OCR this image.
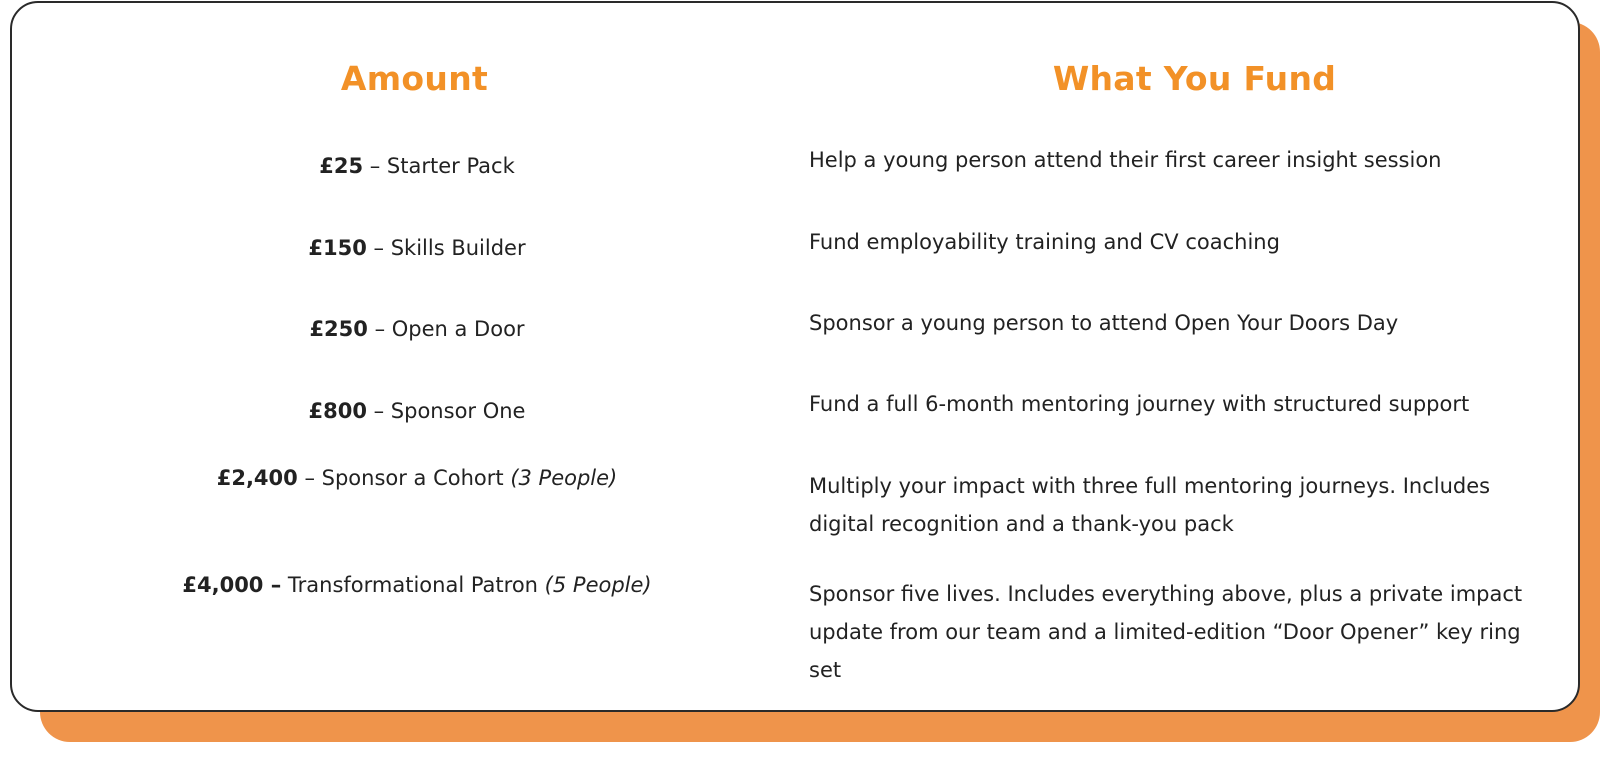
Amount	What You Fund
£25 – Starter Pack	Help a young person attend their first career insight session
£150 – Skills Builder	Fund employability training and CV coaching
£250 – Open a Door	Sponsor a young person to attend Open Your Doors Day
£800 – Sponsor One	Fund a full 6-month mentoring journey with structured support
£2,400 – Sponsor a Cohort (3 People)	Multiply your impact with three full mentoring journeys. Includes digital recognition and a thank-you pack
£4,000 – Transformational Patron (5 People)	Sponsor five lives. Includes everything above, plus a private impact update from our team and a limited-edition “Door Opener” key ring set
